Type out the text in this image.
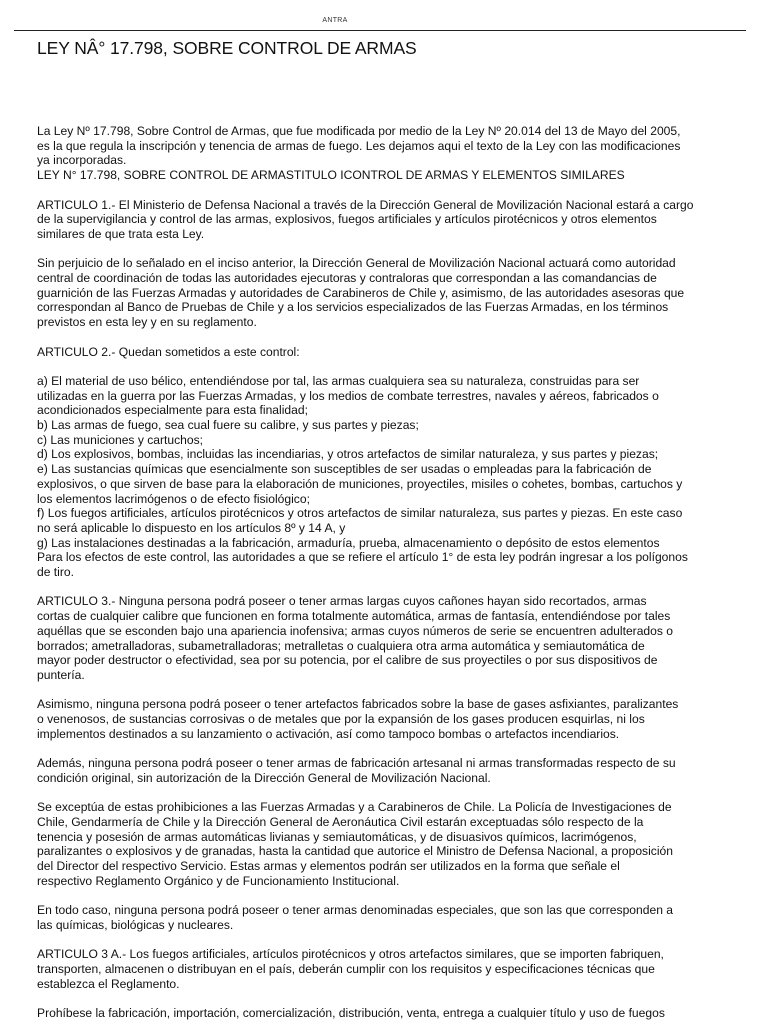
ANTRA
LEY NÂ° 17.798, SOBRE CONTROL DE ARMAS
La Ley Nº 17.798, Sobre Control de Armas, que fue modificada por medio de la Ley Nº 20.014 del 13 de Mayo del 2005,
es la que regula la inscripción y tenencia de armas de fuego. Les dejamos aqui el texto de la Ley con las modificaciones
ya incorporadas.
LEY N° 17.798, SOBRE CONTROL DE ARMASTITULO ICONTROL DE ARMAS Y ELEMENTOS SIMILARES
ARTICULO 1.- El Ministerio de Defensa Nacional a través de la Dirección General de Movilización Nacional estará a cargo
de la supervigilancia y control de las armas, explosivos, fuegos artificiales y artículos pirotécnicos y otros elementos
similares de que trata esta Ley.
Sin perjuicio de lo señalado en el inciso anterior, la Dirección General de Movilización Nacional actuará como autoridad
central de coordinación de todas las autoridades ejecutoras y contraloras que correspondan a las comandancias de
guarnición de las Fuerzas Armadas y autoridades de Carabineros de Chile y, asimismo, de las autoridades asesoras que
correspondan al Banco de Pruebas de Chile y a los servicios especializados de las Fuerzas Armadas, en los términos
previstos en esta ley y en su reglamento.
ARTICULO 2.- Quedan sometidos a este control:
a) El material de uso bélico, entendiéndose por tal, las armas cualquiera sea su naturaleza, construidas para ser
utilizadas en la guerra por las Fuerzas Armadas, y los medios de combate terrestres, navales y aéreos, fabricados o
acondicionados especialmente para esta finalidad;
b) Las armas de fuego, sea cual fuere su calibre, y sus partes y piezas;
c) Las municiones y cartuchos;
d) Los explosivos, bombas, incluidas las incendiarias, y otros artefactos de similar naturaleza, y sus partes y piezas;
e) Las sustancias químicas que esencialmente son susceptibles de ser usadas o empleadas para la fabricación de
explosivos, o que sirven de base para la elaboración de municiones, proyectiles, misiles o cohetes, bombas, cartuchos y
los elementos lacrimógenos o de efecto fisiológico;
f) Los fuegos artificiales, artículos pirotécnicos y otros artefactos de similar naturaleza, sus partes y piezas. En este caso
no será aplicable lo dispuesto en los artículos 8º y 14 A, y
g) Las instalaciones destinadas a la fabricación, armaduría, prueba, almacenamiento o depósito de estos elementos
Para los efectos de este control, las autoridades a que se refiere el artículo 1° de esta ley podrán ingresar a los polígonos
de tiro.
ARTICULO 3.- Ninguna persona podrá poseer o tener armas largas cuyos cañones hayan sido recortados, armas
cortas de cualquier calibre que funcionen en forma totalmente automática, armas de fantasía, entendiéndose por tales
aquéllas que se esconden bajo una apariencia inofensiva; armas cuyos números de serie se encuentren adulterados o
borrados; ametralladoras, subametralladoras; metralletas o cualquiera otra arma automática y semiautomática de
mayor poder destructor o efectividad, sea por su potencia, por el calibre de sus proyectiles o por sus dispositivos de
puntería.
Asimismo, ninguna persona podrá poseer o tener artefactos fabricados sobre la base de gases asfixiantes, paralizantes
o venenosos, de sustancias corrosivas o de metales que por la expansión de los gases producen esquirlas, ni los
implementos destinados a su lanzamiento o activación, así como tampoco bombas o artefactos incendiarios.
Además, ninguna persona podrá poseer o tener armas de fabricación artesanal ni armas transformadas respecto de su
condición original, sin autorización de la Dirección General de Movilización Nacional.
Se exceptúa de estas prohibiciones a las Fuerzas Armadas y a Carabineros de Chile. La Policía de Investigaciones de
Chile, Gendarmería de Chile y la Dirección General de Aeronáutica Civil estarán exceptuadas sólo respecto de la
tenencia y posesión de armas automáticas livianas y semiautomáticas, y de disuasivos químicos, lacrimógenos,
paralizantes o explosivos y de granadas, hasta la cantidad que autorice el Ministro de Defensa Nacional, a proposición
del Director del respectivo Servicio. Estas armas y elementos podrán ser utilizados en la forma que señale el
respectivo Reglamento Orgánico y de Funcionamiento Institucional.
En todo caso, ninguna persona podrá poseer o tener armas denominadas especiales, que son las que corresponden a
las químicas, biológicas y nucleares.
ARTICULO 3 A.- Los fuegos artificiales, artículos pirotécnicos y otros artefactos similares, que se importen fabriquen,
transporten, almacenen o distribuyan en el país, deberán cumplir con los requisitos y especificaciones técnicas que
establezca el Reglamento.
Prohíbese la fabricación, importación, comercialización, distribución, venta, entrega a cualquier título y uso de fuegos
